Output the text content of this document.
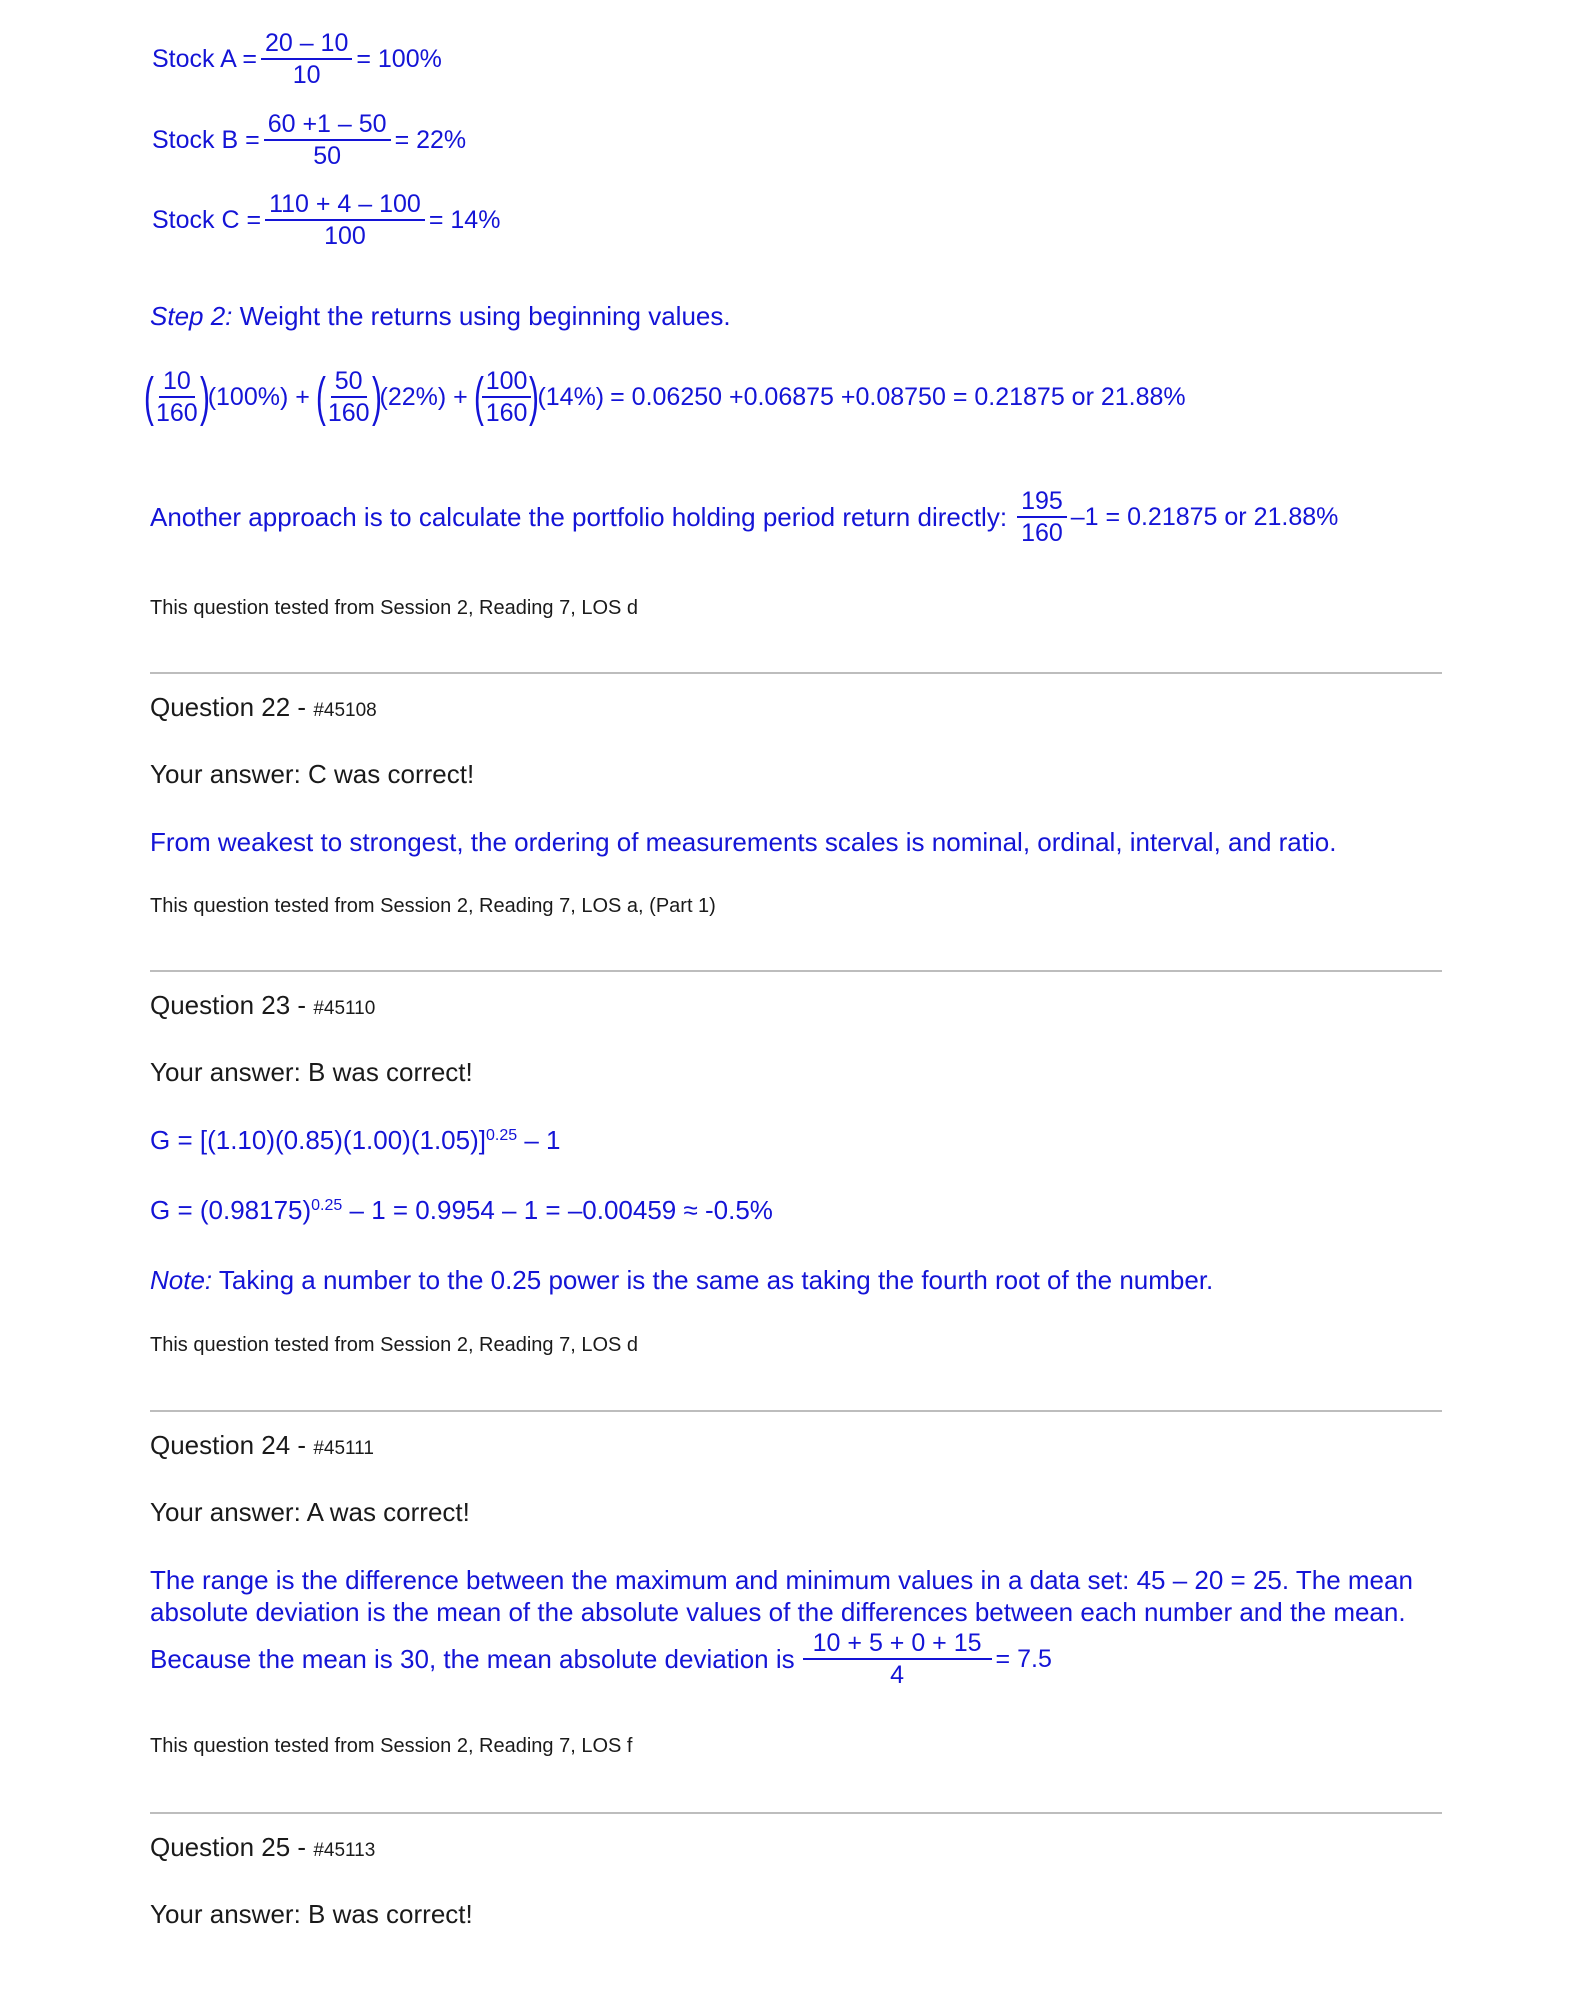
Stock $A = \frac{20 - 10}{10} = 100\%$
Stock $B = \frac{60 +1 - 50}{50} = 22\%$
Stock $C = \frac{110 + 4 - 100}{100} = 14\%$
Step 2: Weight the returns using beginning values.
(
$\frac{10}{160}$
)
(100%) + (
$\frac{50}{160}$
)
(22%) + (
$\frac{100}{160}$
)
(14%) = 0.06250 +0.06875 +0.08750 = 0.21875 or 21.88%
Another approach is to calculate the portfolio holding period return directly: $\frac{195}{160} -1 = 0.21875$ or 21.88%
This question tested from Session 2, Reading 7, LOS d
Question 22 - #45108
Your answer: C was correct!
From weakest to strongest, the ordering of measurements scales is nominal, ordinal, interval, and ratio.
This question tested from Session 2, Reading 7, LOS a, (Part 1)
Question 23 - #45110
Your answer: B was correct!
$G = [(1.10)(0.85)(1.00)(1.05)]^{0.25} - 1$
$G = (0.98175)^{0.25} - 1 = 0.9954 - 1 = -0.00459 \approx -0.5\%$
Note: Taking a number to the 0.25 power is the same as taking the fourth root of the number.
This question tested from Session 2, Reading 7, LOS d
Question 24 - #45111
Your answer: A was correct!
The range is the difference between the maximum and minimum values in a data set: 45 – 20 = 25. The mean
absolute deviation is the mean of the absolute values of the differences between each number and the mean.
Because the mean is 30, the mean absolute deviation is $\frac{10 + 5 + 0 + 15}{4} = 7.5$
This question tested from Session 2, Reading 7, LOS f
Question 25 - #45113
Your answer: B was correct!
